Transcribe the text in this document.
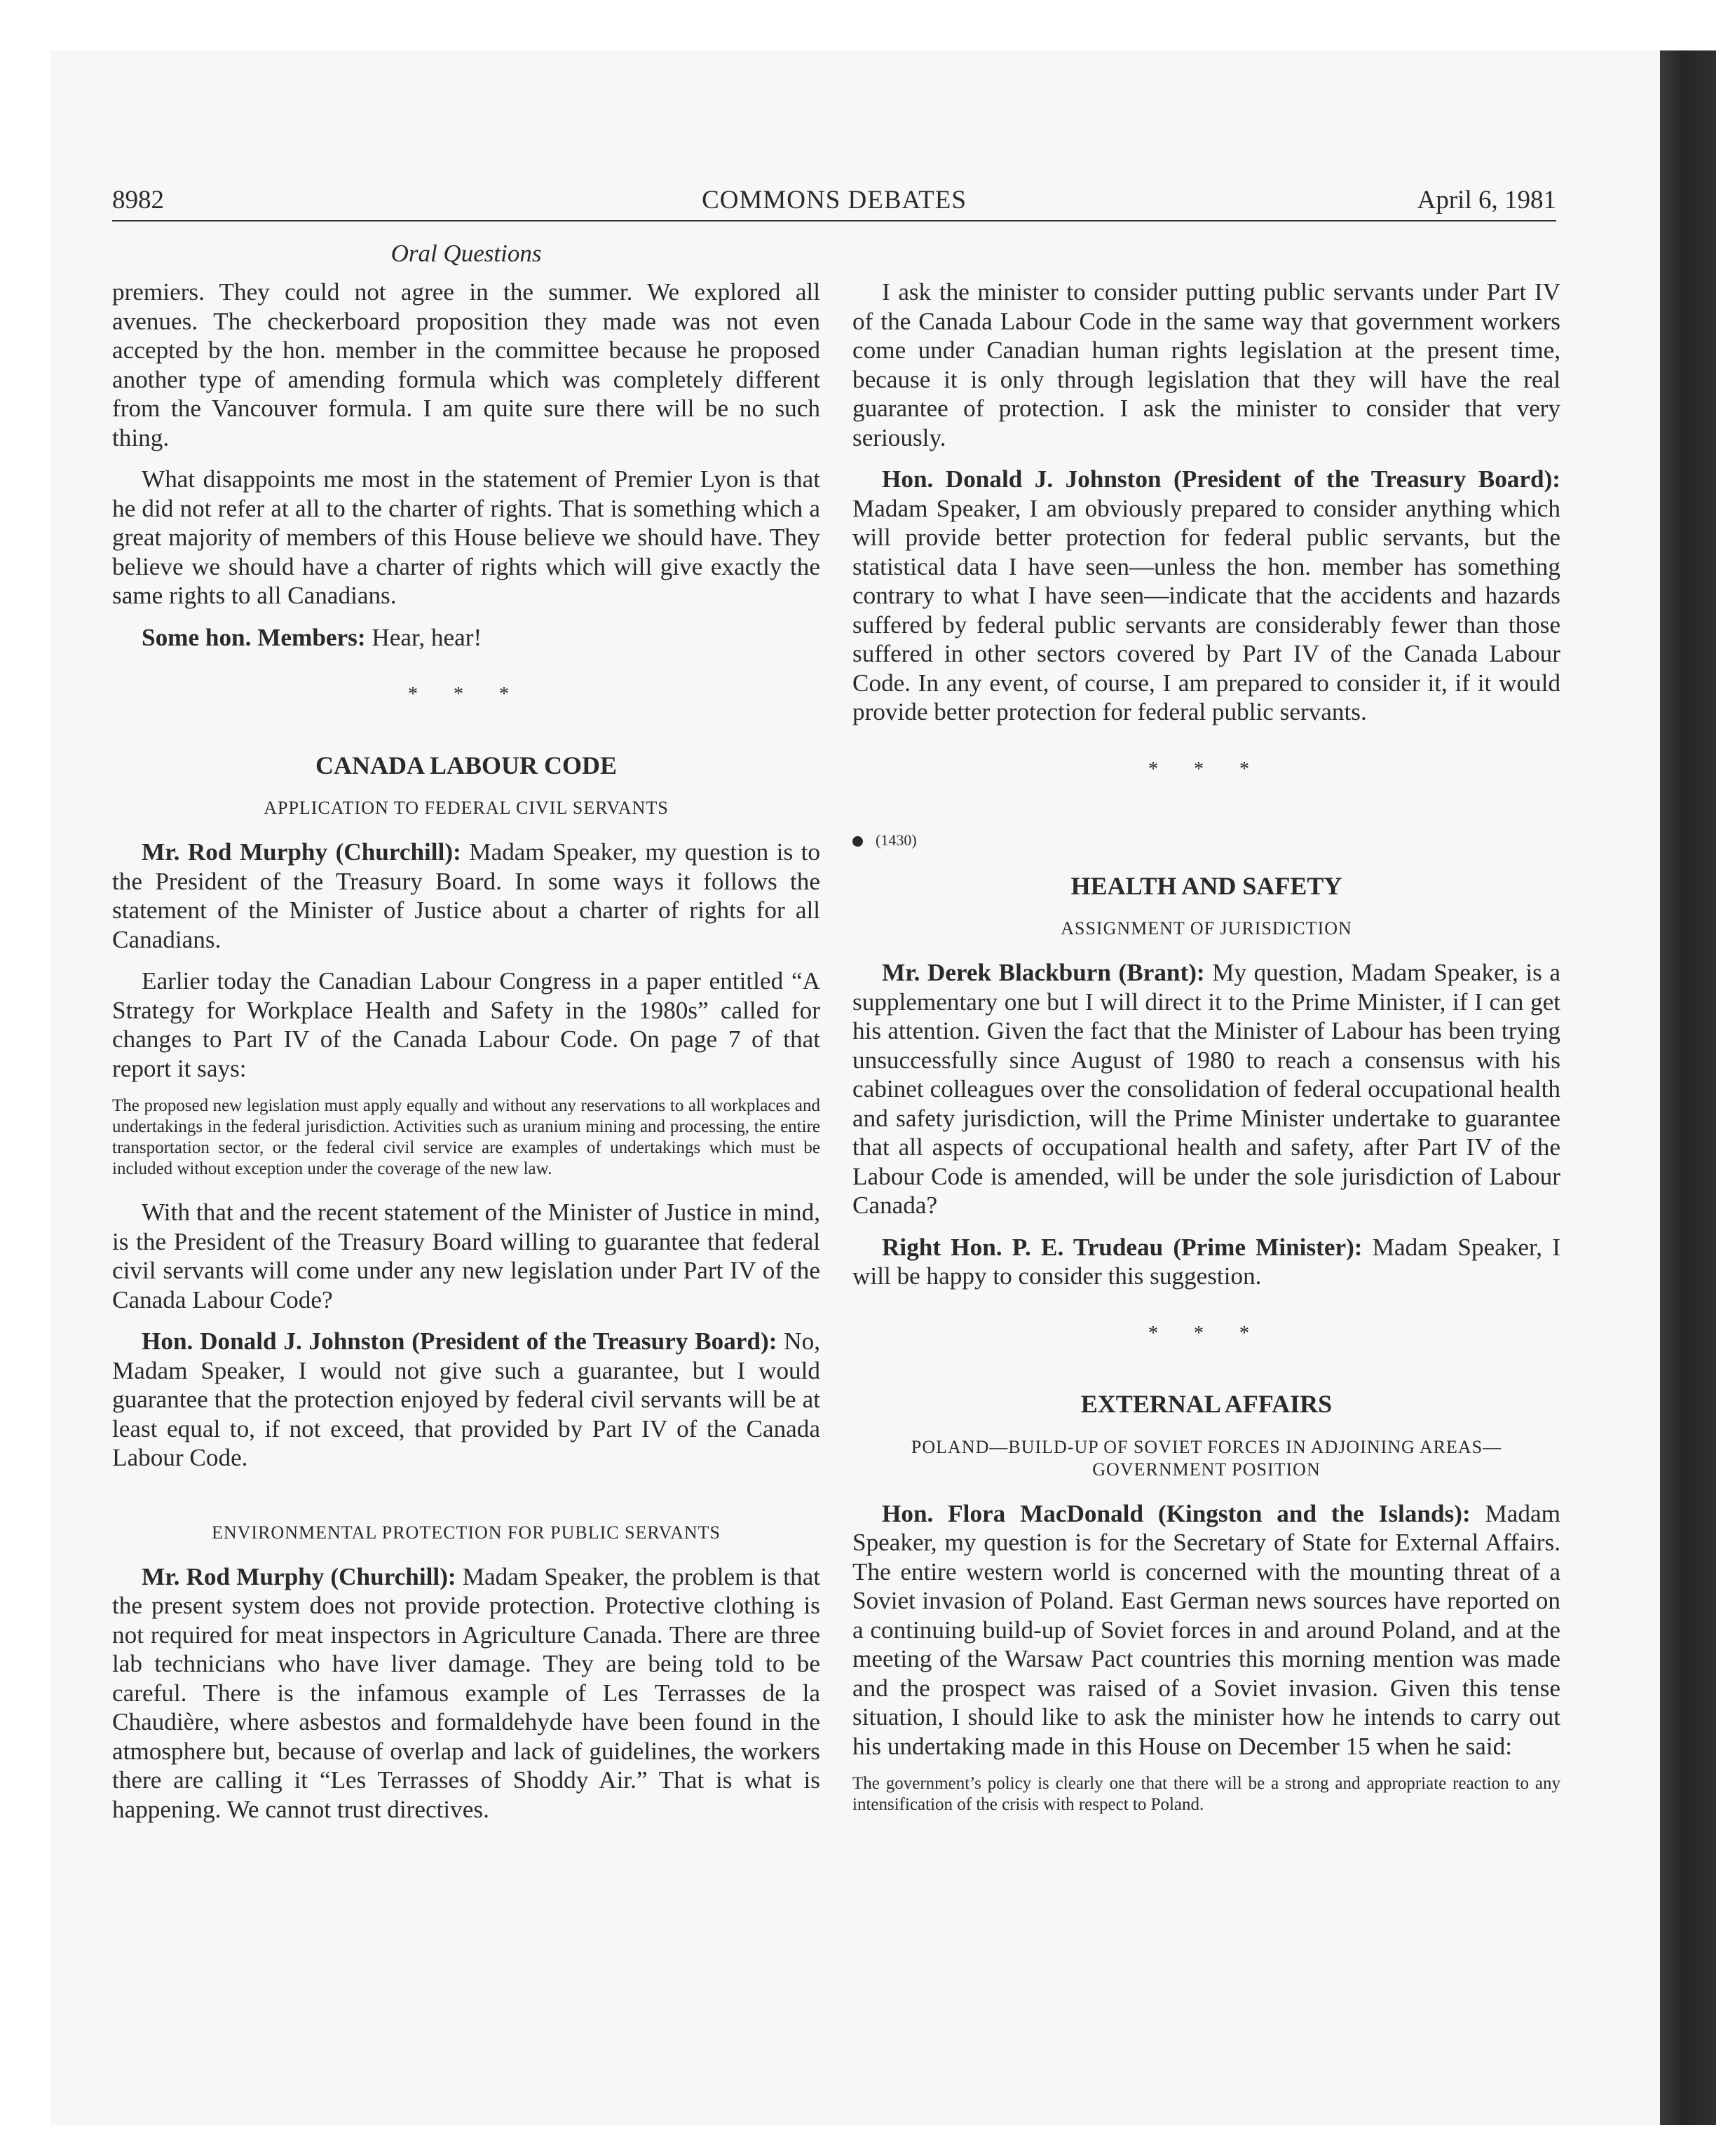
8982	COMMONS DEBATES	April 6, 1981
Oral Questions

premiers. They could not agree in the summer. We explored all avenues. The checkerboard proposition they made was not even accepted by the hon. member in the committee because he proposed another type of amending formula which was completely different from the Vancouver formula. I am quite sure there will be no such thing.

What disappoints me most in the statement of Premier Lyon is that he did not refer at all to the charter of rights. That is something which a great majority of members of this House believe we should have. They believe we should have a charter of rights which will give exactly the same rights to all Canadians.

Some hon. Members: Hear, hear!

* * *
CANADA LABOUR CODE
APPLICATION TO FEDERAL CIVIL SERVANTS

Mr. Rod Murphy (Churchill): Madam Speaker, my question is to the President of the Treasury Board. In some ways it follows the statement of the Minister of Justice about a charter of rights for all Canadians.

Earlier today the Canadian Labour Congress in a paper entitled “A Strategy for Workplace Health and Safety in the 1980s” called for changes to Part IV of the Canada Labour Code. On page 7 of that report it says:

The proposed new legislation must apply equally and without any reservations to all workplaces and undertakings in the federal jurisdiction. Activities such as uranium mining and processing, the entire transportation sector, or the federal civil service are examples of undertakings which must be included without exception under the coverage of the new law.

With that and the recent statement of the Minister of Justice in mind, is the President of the Treasury Board willing to guarantee that federal civil servants will come under any new legislation under Part IV of the Canada Labour Code?

Hon. Donald J. Johnston (President of the Treasury Board): No, Madam Speaker, I would not give such a guarantee, but I would guarantee that the protection enjoyed by federal civil servants will be at least equal to, if not exceed, that provided by Part IV of the Canada Labour Code.

ENVIRONMENTAL PROTECTION FOR PUBLIC SERVANTS

Mr. Rod Murphy (Churchill): Madam Speaker, the problem is that the present system does not provide protection. Protective clothing is not required for meat inspectors in Agriculture Canada. There are three lab technicians who have liver damage. They are being told to be careful. There is the infamous example of Les Terrasses de la Chaudière, where asbestos and formaldehyde have been found in the atmosphere but, because of overlap and lack of guidelines, the workers there are calling it “Les Terrasses of Shoddy Air.” That is what is happening. We cannot trust directives.

I ask the minister to consider putting public servants under Part IV of the Canada Labour Code in the same way that government workers come under Canadian human rights legislation at the present time, because it is only through legislation that they will have the real guarantee of protection. I ask the minister to consider that very seriously.

Hon. Donald J. Johnston (President of the Treasury Board): Madam Speaker, I am obviously prepared to consider anything which will provide better protection for federal public servants, but the statistical data I have seen—unless the hon. member has something contrary to what I have seen—indicate that the accidents and hazards suffered by federal public servants are considerably fewer than those suffered in other sectors covered by Part IV of the Canada Labour Code. In any event, of course, I am prepared to consider it, if it would provide better protection for federal public servants.

* * *
(1430)
HEALTH AND SAFETY
ASSIGNMENT OF JURISDICTION

Mr. Derek Blackburn (Brant): My question, Madam Speaker, is a supplementary one but I will direct it to the Prime Minister, if I can get his attention. Given the fact that the Minister of Labour has been trying unsuccessfully since August of 1980 to reach a consensus with his cabinet colleagues over the consolidation of federal occupational health and safety jurisdiction, will the Prime Minister undertake to guarantee that all aspects of occupational health and safety, after Part IV of the Labour Code is amended, will be under the sole jurisdiction of Labour Canada?

Right Hon. P. E. Trudeau (Prime Minister): Madam Speaker, I will be happy to consider this suggestion.

* * *
EXTERNAL AFFAIRS
POLAND—BUILD-UP OF SOVIET FORCES IN ADJOINING AREAS—GOVERNMENT POSITION

Hon. Flora MacDonald (Kingston and the Islands): Madam Speaker, my question is for the Secretary of State for External Affairs. The entire western world is concerned with the mounting threat of a Soviet invasion of Poland. East German news sources have reported on a continuing build-up of Soviet forces in and around Poland, and at the meeting of the Warsaw Pact countries this morning mention was made and the prospect was raised of a Soviet invasion. Given this tense situation, I should like to ask the minister how he intends to carry out his undertaking made in this House on December 15 when he said:

The government’s policy is clearly one that there will be a strong and appropriate reaction to any intensification of the crisis with respect to Poland.
